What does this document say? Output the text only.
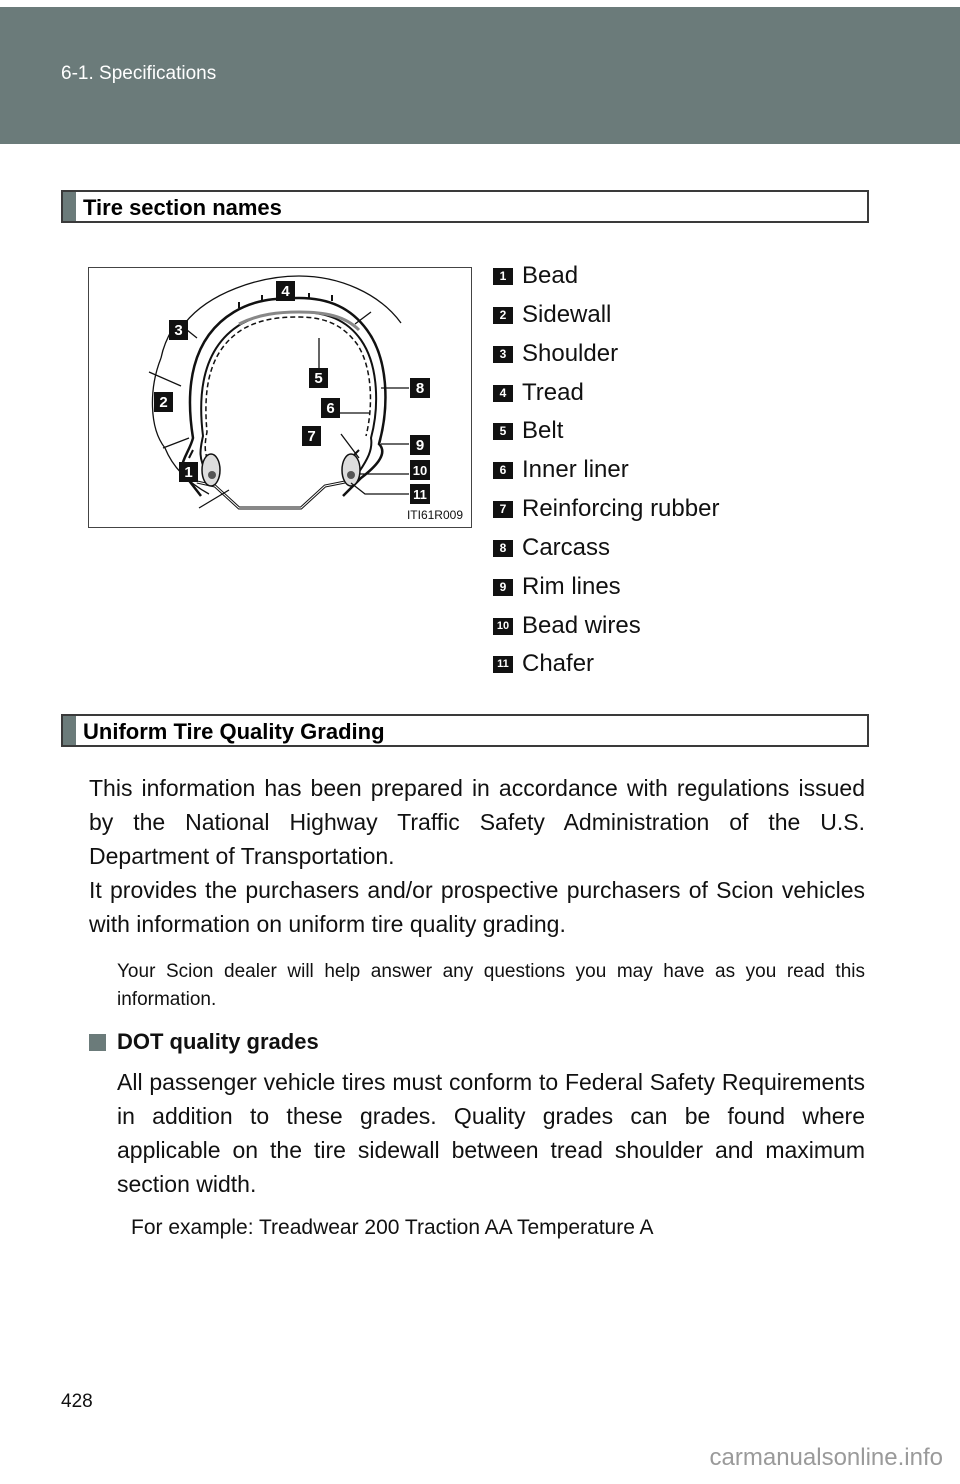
6-1. Specifications
Tire section names
1
2
3
4
5
6
7
8
9
10
11
ITI61R009
1 Bead
2 Sidewall
3 Shoulder
4 Tread
5 Belt
6 Inner liner
7 Reinforcing rubber
8 Carcass
9 Rim lines
10 Bead wires
11 Chafer
Uniform Tire Quality Grading
This information has been prepared in accordance with regulations issued by the National Highway Traffic Safety Administration of the U.S. Department of Transportation.
It provides the purchasers and/or prospective purchasers of Scion vehicles with information on uniform tire quality grading.
Your Scion dealer will help answer any questions you may have as you read this information.
DOT quality grades
All passenger vehicle tires must conform to Federal Safety Requirements in addition to these grades. Quality grades can be found where applicable on the tire sidewall between tread shoulder and maximum section width.
For example: Treadwear 200 Traction AA Temperature A
428
carmanualsonline.info
